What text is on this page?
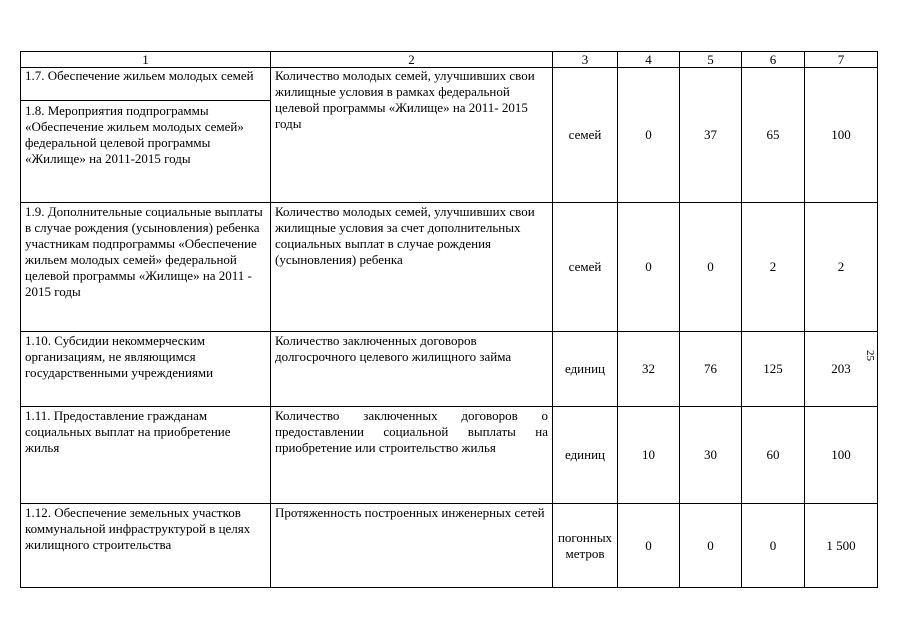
1	2	3	4	5	6	7
1.7. Обеспечение жильем молодых семей	Количество молодых семей, улучшивших свои жилищные условия в рамках федеральной целевой программы «Жилище» на 2011- 2015 годы	семей	0	37	65	100
1.8. Мероприятия подпрограммы «Обеспечение жильем молодых семей» федеральной целевой программы «Жилище» на 2011-2015 годы						
1.9. Дополнительные социальные выплаты в случае рождения (усыновления) ребенка участникам подпрограммы «Обеспечение жильем молодых семей» федеральной целевой программы «Жилище» на 2011 - 2015 годы	Количество молодых семей, улучшивших свои жилищные условия за счет дополнительных социальных выплат в случае рождения (усыновления) ребенка	семей	0	0	2	2
1.10. Субсидии некоммерческим организациям, не являющимся государственными учреждениями	Количество заключенных договоров долгосрочного целевого жилищного займа	единиц	32	76	125	203
1.11. Предоставление гражданам социальных выплат на приобретение жилья	Количество заключенных договоров о предоставлении социальной выплаты на приобретение или строительство жилья	единиц	10	30	60	100
1.12. Обеспечение земельных участков коммунальной инфраструктурой в целях жилищного строительства	Протяженность построенных инженерных сетей	погонных метров	0	0	0	1 500
25
